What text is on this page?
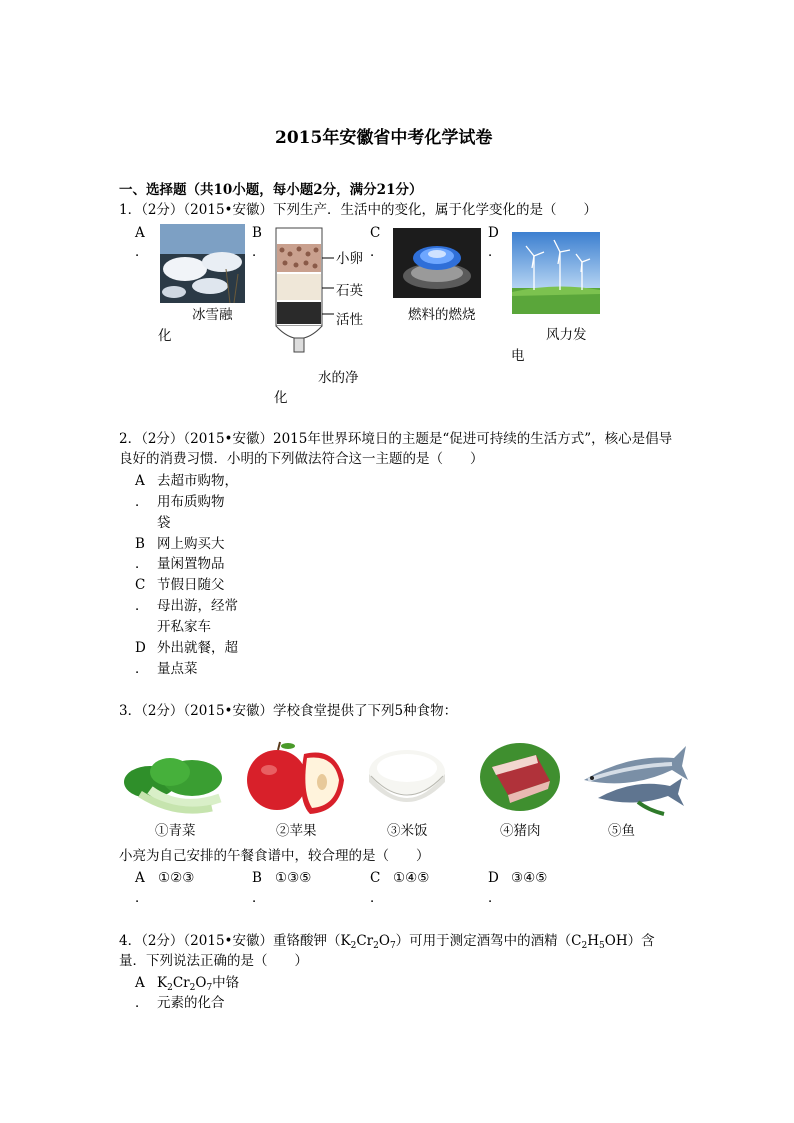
2015年安徽省中考化学试卷
一、选择题（共10小题，每小题2分，满分21分）
1．（2分）（2015•安徽）下列生产．生活中的变化，属于化学变化的是（　　）
A
．
冰雪融
化
B
．	小卵
石英
活性
水的净
化
C
．
燃料的燃烧
D
．
风力发
电
2．（2分）（2015•安徽）2015年世界环境日的主题是“促进可持续的生活方式”，核心是倡导
良好的消费习惯．小明的下列做法符合这一主题的是（　　）
A
．
去超市购物，
用布质购物
袋
B
．
网上购买大
量闲置物品
C
．
节假日随父
母出游，经常
开私家车
D
．
外出就餐，超
量点菜
3．（2分）（2015•安徽）学校食堂提供了下列5种食物：
①青菜	②苹果	③米饭	④猪肉	⑤鱼
小亮为自己安排的午餐食谱中，较合理的是（　　）
A
．
①②③	B
．
①③⑤	C
．
①④⑤	D
．
③④⑤
4．（2分）（2015•安徽）重铬酸钾$(K_2Cr_2O_7)$可用于测定酒驾中的酒精$(C_2H_5OH)$含
量．下列说法正确的是（　　）
A
．
$K_2Cr_2O_7$中铬
元素的化合
